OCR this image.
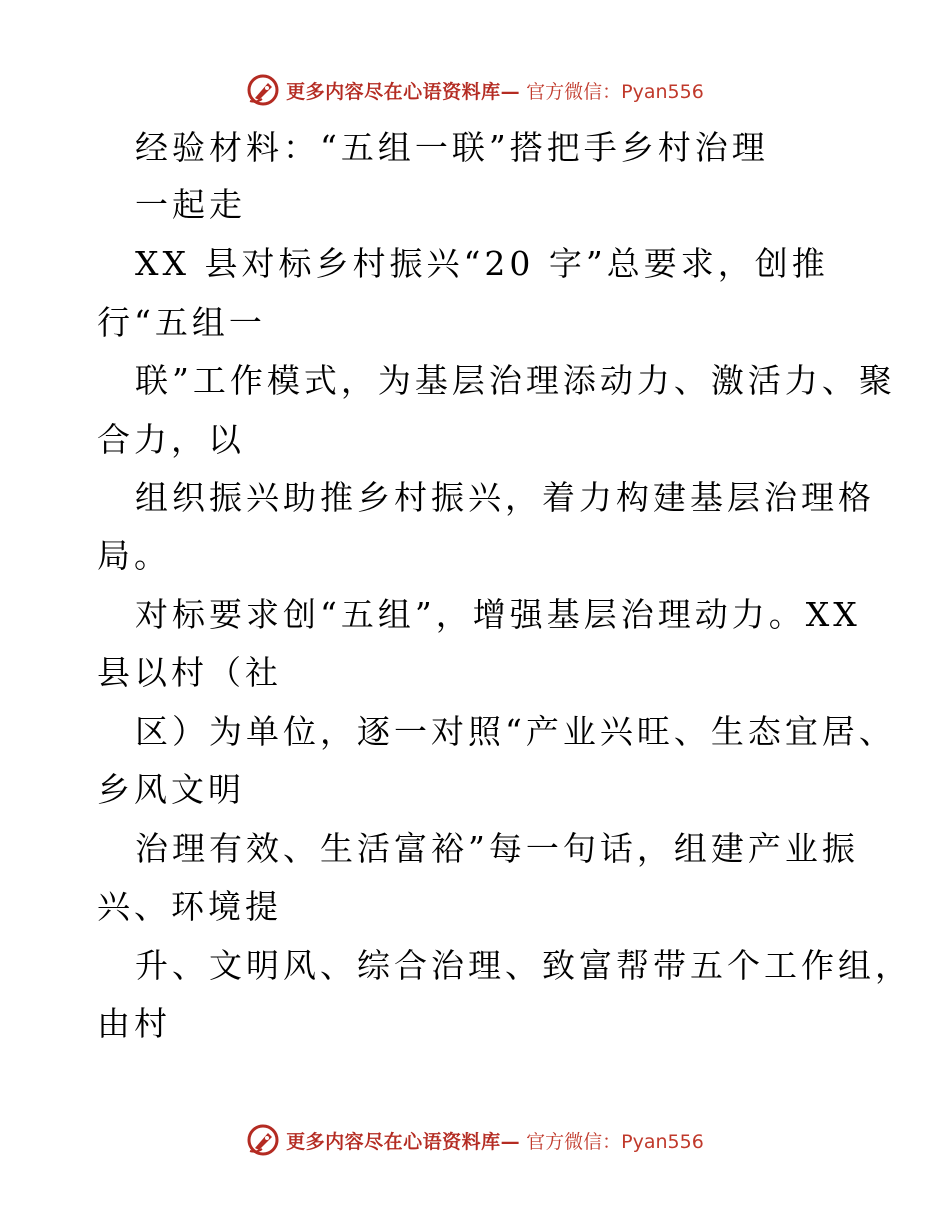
更多内容尽在心语资料库— 官方微信：Pyan556
经验材料：“五组一联”搭把手乡村治理
一起走
XX 县对标乡村振兴“20 字”总要求，创推
行“五组一
联”工作模式，为基层治理添动力、激活力、聚
合力，以
组织振兴助推乡村振兴，着力构建基层治理格
局。
对标要求创“五组”，增强基层治理动力。XX
县以村（社
区）为单位，逐一对照“产业兴旺、生态宜居、
乡风文明
治理有效、生活富裕”每一句话，组建产业振
兴、环境提
升、文明风、综合治理、致富帮带五个工作组，
由村
更多内容尽在心语资料库— 官方微信：Pyan556
